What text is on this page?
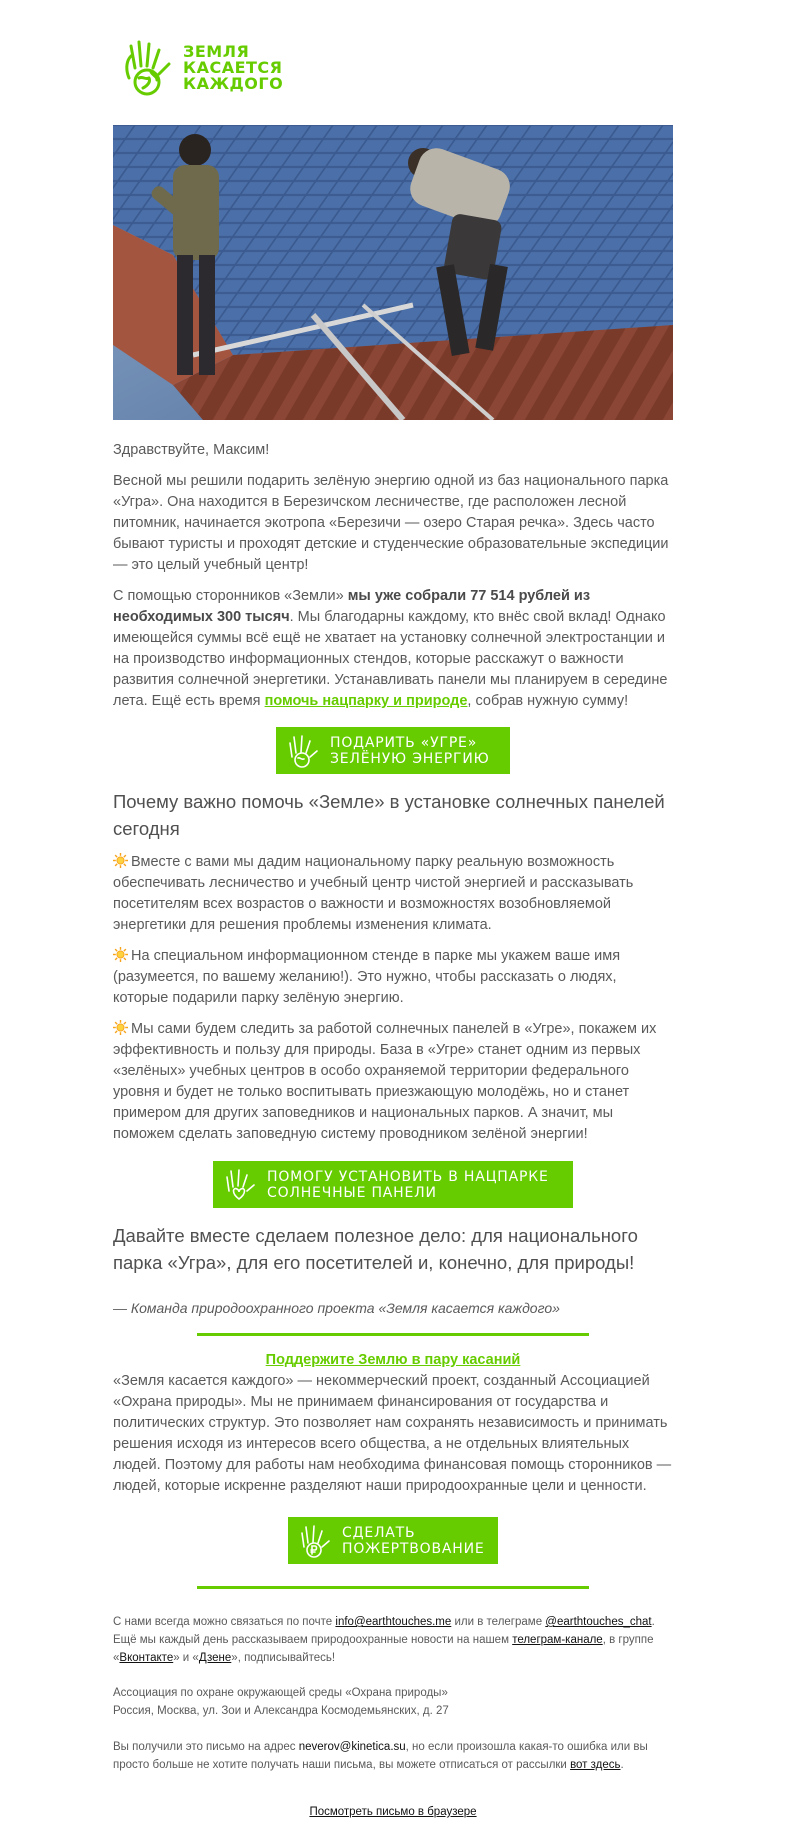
ЗЕМЛЯ
КАСАЕТСЯ
КАЖДОГО
Здравствуйте, Максим!
Весной мы решили подарить зелёную энергию одной из баз национального парка «Угра». Она находится в Березичском лесничестве, где расположен лесной питомник, начинается экотропа «Березичи — озеро Старая речка». Здесь часто бывают туристы и проходят детские и студенческие образовательные экспедиции — это целый учебный центр!
С помощью сторонников «Земли» мы уже собрали 77 514 рублей из необходимых 300 тысяч. Мы благодарны каждому, кто внёс свой вклад! Однако имеющейся суммы всё ещё не хватает на установку солнечной электростанции и на производство информационных стендов, которые расскажут о важности развития солнечной энергетики. Устанавливать панели мы планируем в середине лета. Ещё есть время помочь нацпарку и природе, собрав нужную сумму!
ПОДАРИТЬ «УГРЕ» ЗЕЛЁНУЮ ЭНЕРГИЮ
Почему важно помочь «Земле» в установке солнечных панелей сегодня
Вместе с вами мы дадим национальному парку реальную возможность обеспечивать лесничество и учебный центр чистой энергией и рассказывать посетителям всех возрастов о важности и возможностях возобновляемой энергетики для решения проблемы изменения климата.
На специальном информационном стенде в парке мы укажем ваше имя (разумеется, по вашему желанию!). Это нужно, чтобы рассказать о людях, которые подарили парку зелёную энергию.
Мы сами будем следить за работой солнечных панелей в «Угре», покажем их эффективность и пользу для природы. База в «Угре» станет одним из первых «зелёных» учебных центров в особо охраняемой территории федерального уровня и будет не только воспитывать приезжающую молодёжь, но и станет примером для других заповедников и национальных парков. А значит, мы поможем сделать заповедную систему проводником зелёной энергии!
ПОМОГУ УСТАНОВИТЬ В НАЦПАРКЕ СОЛНЕЧНЫЕ ПАНЕЛИ
Давайте вместе сделаем полезное дело: для национального парка «Угра», для его посетителей и, конечно, для природы!
— Команда природоохранного проекта «Земля касается каждого»
Поддержите Землю в пару касаний
«Земля касается каждого» — некоммерческий проект, созданный Ассоциацией «Охрана природы». Мы не принимаем финансирования от государства и политических структур. Это позволяет нам сохранять независимость и принимать решения исходя из интересов всего общества, а не отдельных влиятельных людей. Поэтому для работы нам необходима финансовая помощь сторонников — людей, которые искренне разделяют наши природоохранные цели и ценности.
СДЕЛАТЬ ПОЖЕРТВОВАНИЕ
С нами всегда можно связаться по почте info@earthtouches.me или в телеграме @earthtouches_chat. Ещё мы каждый день рассказываем природоохранные новости на нашем телеграм-канале, в группе «Вконтакте» и «Дзене», подписывайтесь!
Ассоциация по охране окружающей среды «Охрана природы»
Россия, Москва, ул. Зои и Александра Космодемьянских, д. 27
Вы получили это письмо на адрес neverov@kinetica.su, но если произошла какая-то ошибка или вы просто больше не хотите получать наши письма, вы можете отписаться от рассылки вот здесь.
Посмотреть письмо в браузере
